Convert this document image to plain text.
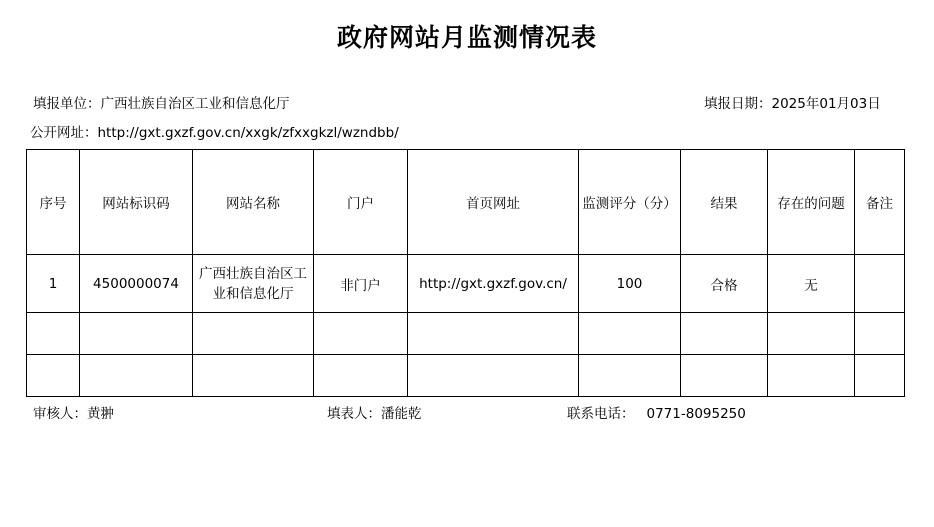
政府网站月监测情况表
填报单位：广西壮族自治区工业和信息化厅	填报日期：2025年01月03日
公开网址：http://gxt.gxzf.gov.cn/xxgk/zfxxgkzl/wzndbb/
序号	网站标识码	网站名称	门户	首页网址	监测评分（分）	结果	存在的问题	备注
1	4500000074	广西壮族自治区工业和信息化厅	非门户	http://gxt.gxzf.gov.cn/	100	合格	无	

审核人：黄翀	填表人：潘能乾	联系电话： 0771-8095250
